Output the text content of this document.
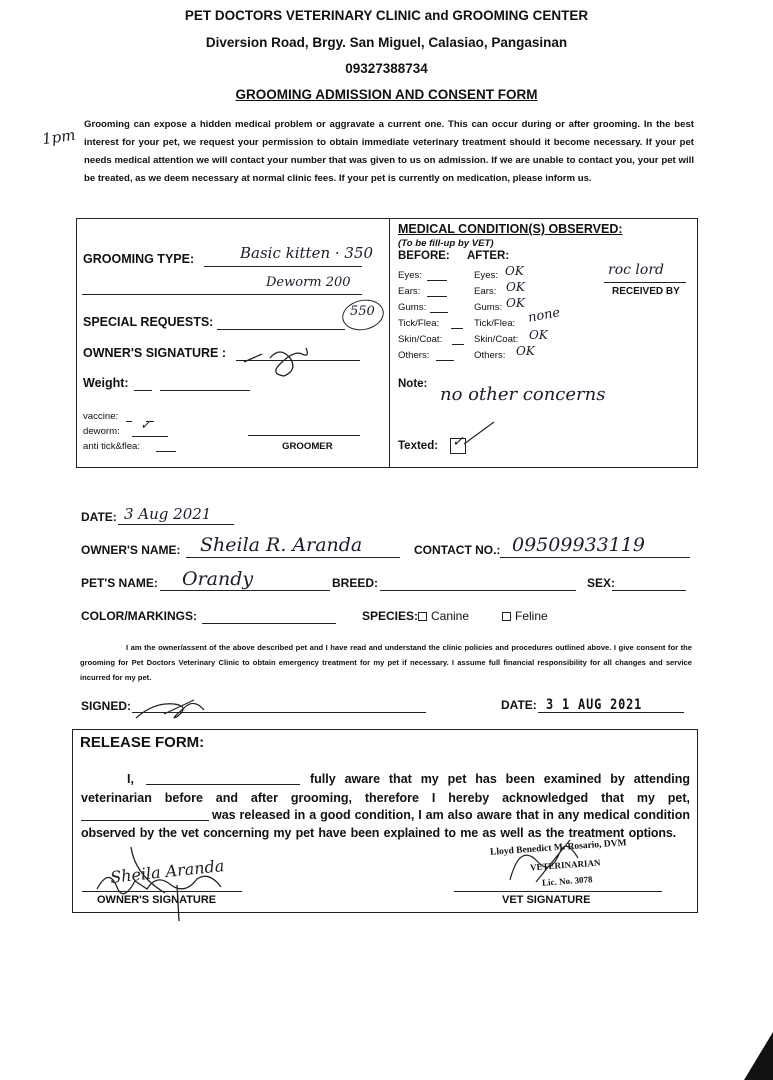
PET DOCTORS VETERINARY CLINIC and GROOMING CENTER
Diversion Road, Brgy. San Miguel, Calasiao, Pangasinan
09327388734
GROOMING ADMISSION AND CONSENT FORM
1pm
Grooming can expose a hidden medical problem or aggravate a current one. This can occur during or after grooming. In the best interest for your pet, we request your permission to obtain immediate veterinary treatment should it become necessary. If your pet needs medical attention we will contact your number that was given to us on admission. If we are unable to contact you, your pet will be treated, as we deem necessary at normal clinic fees. If your pet is currently on medication, please inform us.
GROOMING TYPE:	Basic kitten · 350
Deworm 200
550
SPECIAL REQUESTS:
OWNER'S SIGNATURE :
Weight:
vaccine:
deworm: ✓
anti tick&flea:	GROOMER
MEDICAL CONDITION(S) OBSERVED:
(To be fill-up by VET)
BEFORE: AFTER:
Eyes:	Eyes: OK
Ears:	Ears: OK
Gums:	Gums: OK
Tick/Flea:	Tick/Flea: none
Skin/Coat:	Skin/Coat: OK
Others:	Others: OK
roc lord
RECEIVED BY
Note: no other concerns
Texted: ✓
DATE: 3 Aug 2021
OWNER'S NAME: Sheila R. Aranda	CONTACT NO.: 09509933119
PET'S NAME: Orandy	BREED:	SEX:
COLOR/MARKINGS:	SPECIES:	Canine	Feline
I am the owner/assent of the above described pet and I have read and understand the clinic policies and procedures outlined above. I give consent for the grooming for Pet Doctors Veterinary Clinic to obtain emergency treatment for my pet if necessary. I assume full financial responsibility for all changes and service incurred for my pet.
SIGNED:	DATE: 3 1 AUG 2021
RELEASE FORM:
I,	fully aware that my pet has been examined by attending
veterinarian before and after grooming, therefore I hereby acknowledged that my pet,
was released in a good condition, I am also aware that in any medical condition
observed by the vet concerning my pet have been explained to me as well as the treatment options.
Sheila Aranda
OWNER'S SIGNATURE
Lloyd Benedict M. Rosario, DVM
VETERINARIAN
Lic. No. 3078
VET SIGNATURE
